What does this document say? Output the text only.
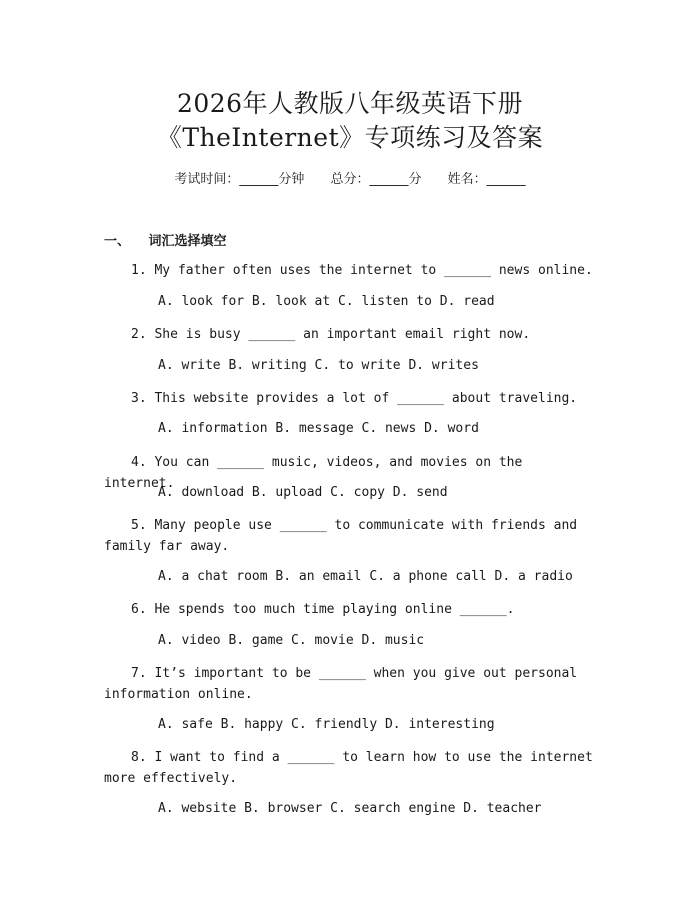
2026年人教版八年级英语下册
《TheInternet》专项练习及答案
考试时间：______分钟 总分：______分 姓名：______
一、 词汇选择填空
1. My father often uses the internet to ______ news online.
A. look for B. look at C. listen to D. read
2. She is busy ______ an important email right now.
A. write B. writing C. to write D. writes
3. This website provides a lot of ______ about traveling.
A. information B. message C. news D. word
4. You can ______ music, videos, and movies on the internet.
A. download B. upload C. copy D. send
5. Many people use ______ to communicate with friends and family far away.
A. a chat room B. an email C. a phone call D. a radio
6. He spends too much time playing online ______.
A. video B. game C. movie D. music
7. It’s important to be ______ when you give out personal information online.
A. safe B. happy C. friendly D. interesting
8. I want to find a ______ to learn how to use the internet more effectively.
A. website B. browser C. search engine D. teacher
